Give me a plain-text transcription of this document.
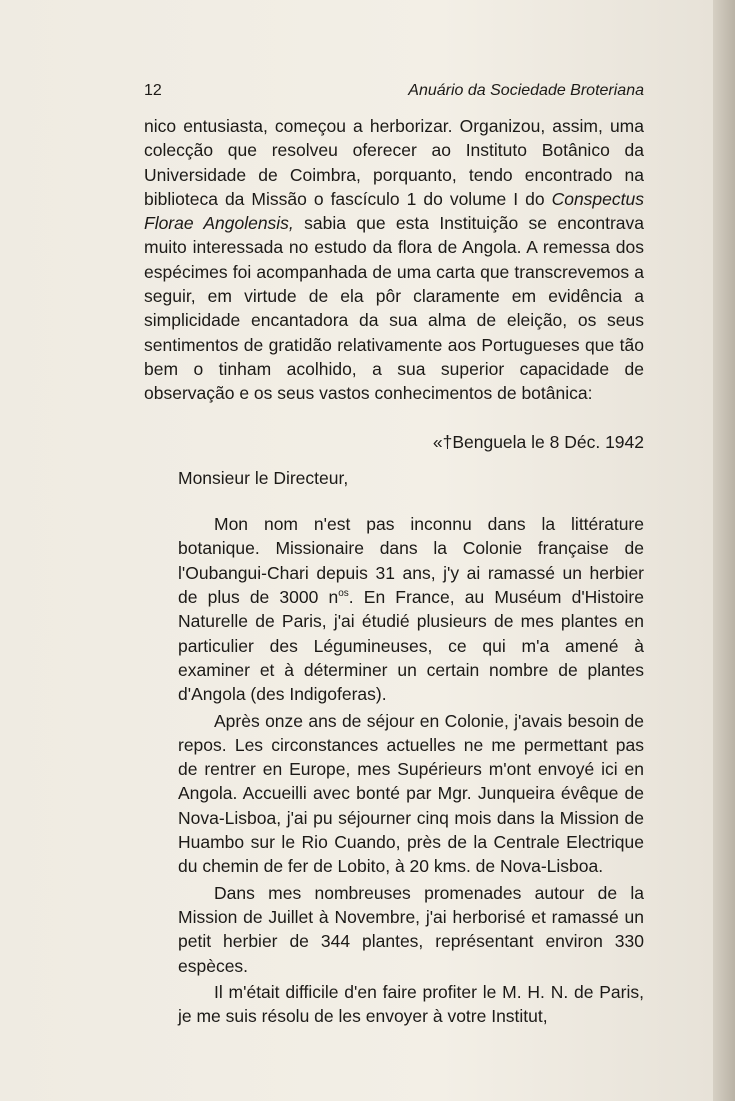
12	Anuário da Sociedade Broteriana

nico entusiasta, começou a herborizar. Organizou, assim, uma colecção que resolveu oferecer ao Instituto Botânico da Universidade de Coimbra, porquanto, tendo encontrado na biblioteca da Missão o fascículo 1 do volume I do Conspectus Florae Angolensis, sabia que esta Instituição se encontrava muito interessada no estudo da flora de Angola. A remessa dos espécimes foi acompanhada de uma carta que transcrevemos a seguir, em virtude de ela pôr claramente em evidência a simplicidade encantadora da sua alma de eleição, os seus sentimentos de gratidão relativamente aos Portugueses que tão bem o tinham acolhido, a sua superior capacidade de observação e os seus vastos conhecimentos de botânica:

«†Benguela le 8 Déc. 1942

Monsieur le Directeur,

Mon nom n'est pas inconnu dans la littérature botanique. Missionaire dans la Colonie française de l'Oubangui-Chari depuis 31 ans, j'y ai ramassé un herbier de plus de 3000 $n^{os}$. En France, au Muséum d'Histoire Naturelle de Paris, j'ai étudié plusieurs de mes plantes en particulier des Légumineuses, ce qui m'a amené à examiner et à déterminer un certain nombre de plantes d'Angola (des Indigoferas).

Après onze ans de séjour en Colonie, j'avais besoin de repos. Les circonstances actuelles ne me permettant pas de rentrer en Europe, mes Supérieurs m'ont envoyé ici en Angola. Accueilli avec bonté par Mgr. Junqueira évêque de Nova-Lisboa, j'ai pu séjourner cinq mois dans la Mission de Huambo sur le Rio Cuando, près de la Centrale Electrique du chemin de fer de Lobito, à 20 kms. de Nova-Lisboa.

Dans mes nombreuses promenades autour de la Mission de Juillet à Novembre, j'ai herborisé et ramassé un petit herbier de 344 plantes, représentant environ 330 espèces.

Il m'était difficile d'en faire profiter le M. H. N. de Paris, je me suis résolu de les envoyer à votre Institut,
